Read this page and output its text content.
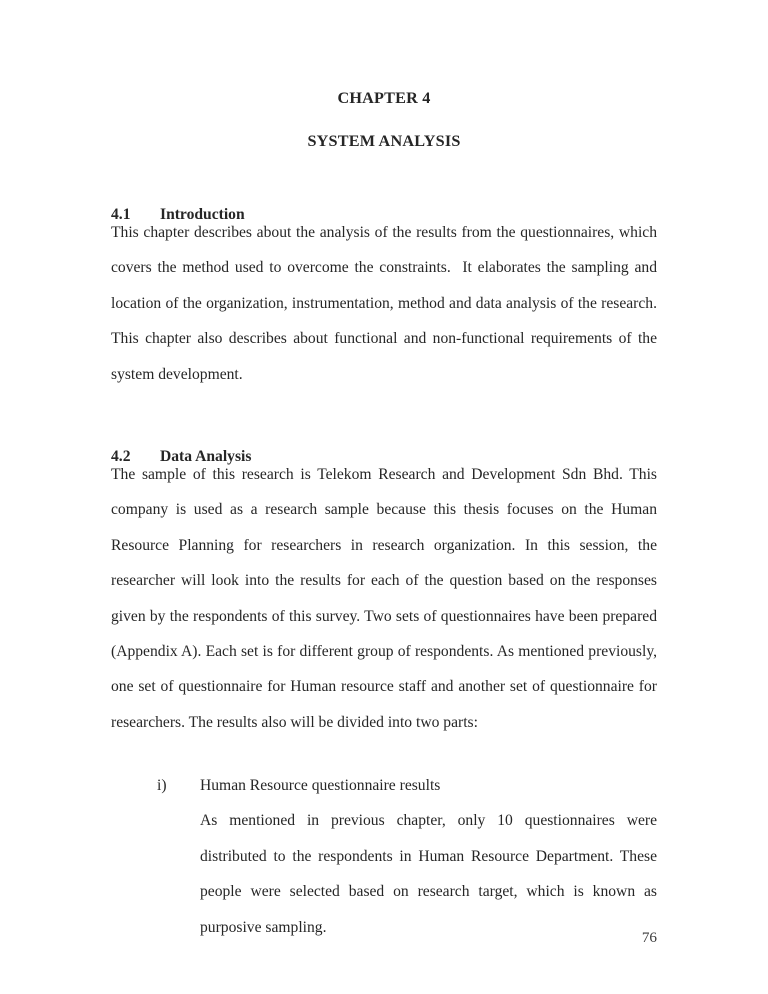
CHAPTER 4
SYSTEM ANALYSIS
4.1 Introduction

This chapter describes about the analysis of the results from the questionnaires, which covers the method used to overcome the constraints.  It elaborates the sampling and location of the organization, instrumentation, method and data analysis of the research. This chapter also describes about functional and non-functional requirements of the system development.

4.2 Data Analysis

The sample of this research is Telekom Research and Development Sdn Bhd. This company is used as a research sample because this thesis focuses on the Human Resource Planning for researchers in research organization. In this session, the researcher will look into the results for each of the question based on the responses given by the respondents of this survey. Two sets of questionnaires have been prepared (Appendix A). Each set is for different group of respondents. As mentioned previously, one set of questionnaire for Human resource staff and another set of questionnaire for researchers. The results also will be divided into two parts:

i) Human Resource questionnaire results

As mentioned in previous chapter, only 10 questionnaires were distributed to the respondents in Human Resource Department. These people were selected based on research target, which is known as purposive sampling.

76
